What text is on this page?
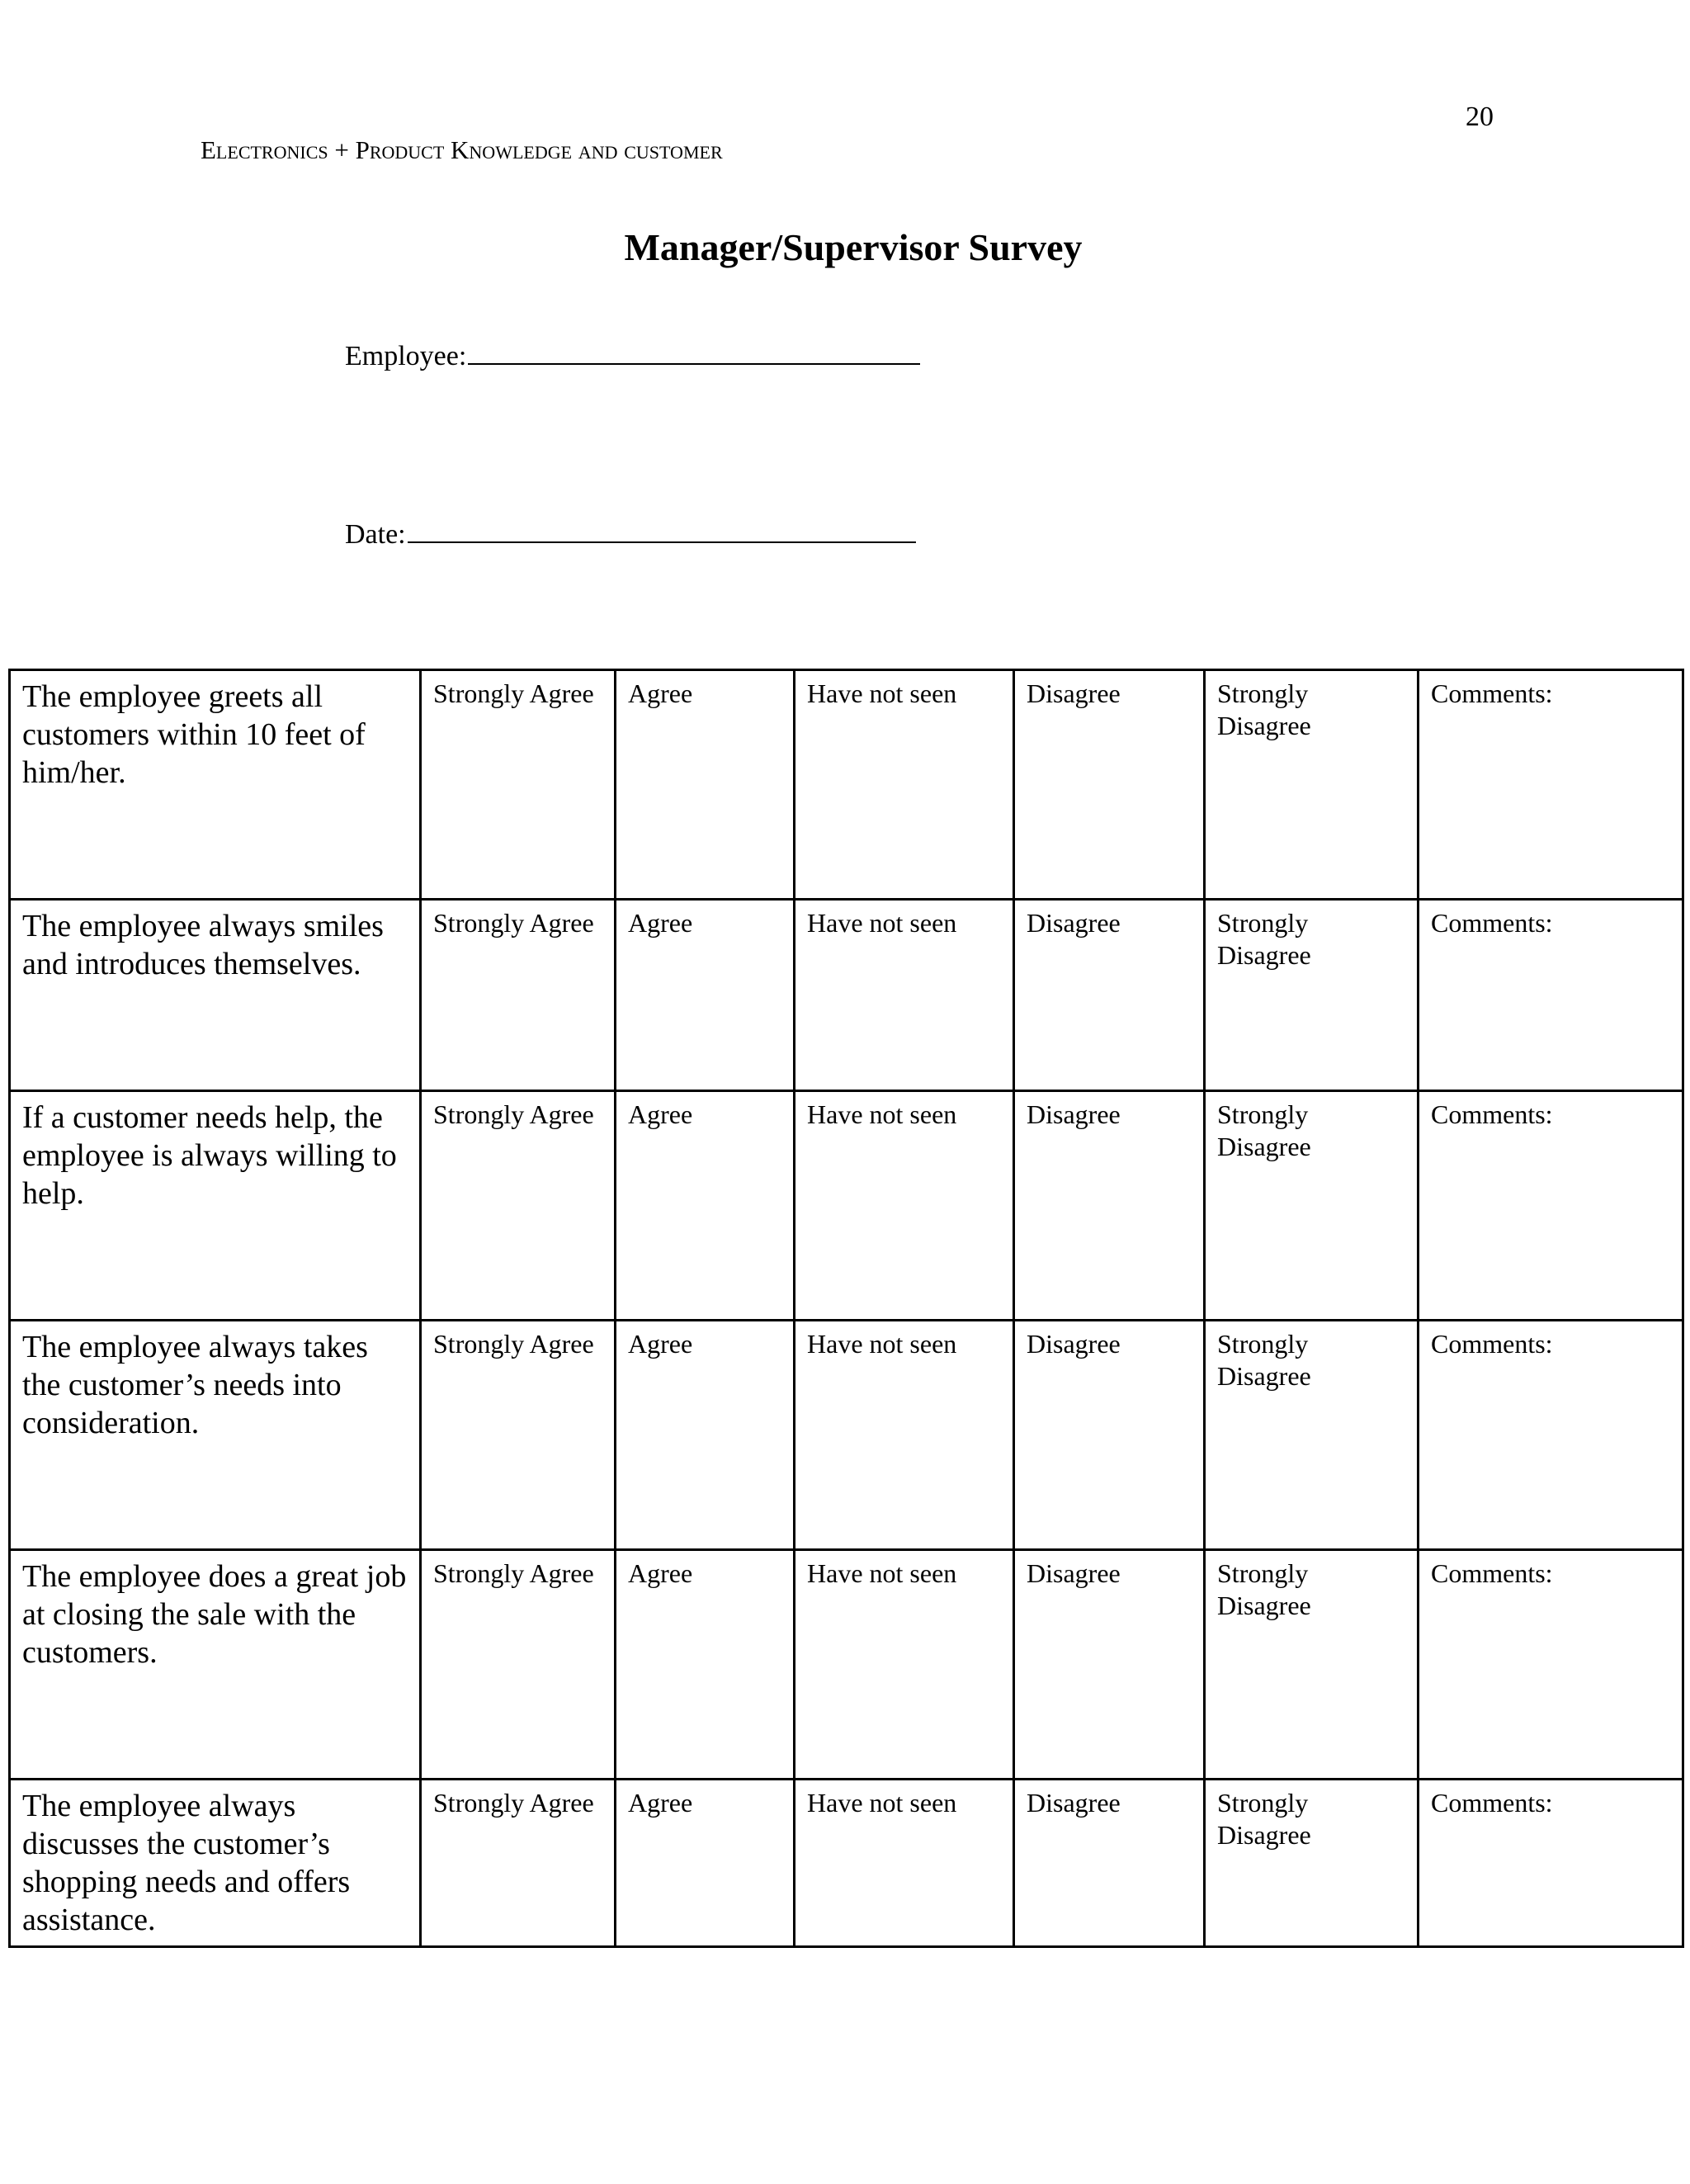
20
Electronics + Product Knowledge and customer
Manager/Supervisor Survey
Employee:
Date:
The employee greets all customers within 10 feet of him/her.	Strongly Agree	Agree	Have not seen	Disagree	Strongly Disagree	Comments:
The employee always smiles and introduces themselves.	Strongly Agree	Agree	Have not seen	Disagree	Strongly Disagree	Comments:
If a customer needs help, the employee is always willing to help.	Strongly Agree	Agree	Have not seen	Disagree	Strongly Disagree	Comments:
The employee always takes the customer’s needs into consideration.	Strongly Agree	Agree	Have not seen	Disagree	Strongly Disagree	Comments:
The employee does a great job at closing the sale with the customers.	Strongly Agree	Agree	Have not seen	Disagree	Strongly Disagree	Comments:
The employee always discusses the customer’s shopping needs and offers assistance.	Strongly Agree	Agree	Have not seen	Disagree	Strongly Disagree	Comments:
